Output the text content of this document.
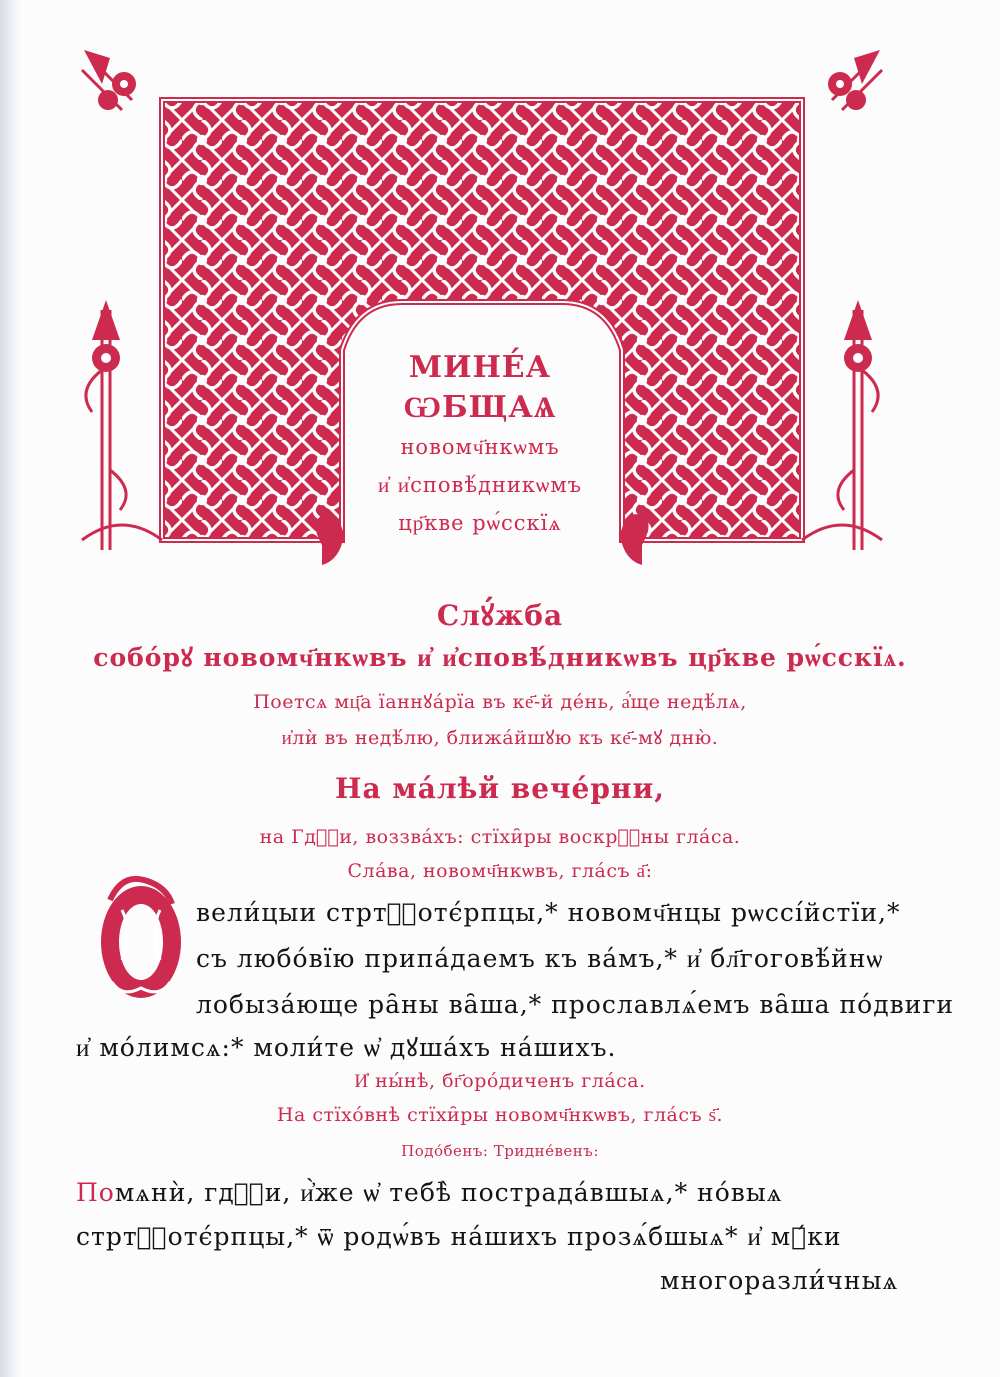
МИНЕ́А ѠБЩАѦ
новомч҃нкѡмъ
и҆ и҆сповѣ́дникѡмъ
цр҃кве рѡ́сскїѧ
Слꙋ́жба
собо́рꙋ новомч҃нкѡвъ и҆ и҆сповѣ́дникѡвъ цр҃кве рѡ́сскїѧ.
Поетсѧ мц҃а їаннꙋа́рїа въ ке҃-й де́нь, а҆́ще недѣ́лѧ,
и҆лѝ въ недѣ́лю, ближа́йшꙋю къ ке҃-мꙋ дню̀.
На ма́лѣй вече́рни,
на Гдⷭ҇и, воззва́хъ: стїхи̑ры воскрⷭ҇ны гла́са.
Сла́ва, новомч҃нкѡвъ, гла́съ а҃:
вели́цыи стртⷭ҇отє́рпцы,* новомч҃нцы рѡссі́йстїи,*
съ любо́вїю припа́даемъ къ ва́мъ,* и҆ бл҃гоговѣ́йнѡ
лобыза́юще ра̑ны ва̑ша,* прославлѧ́емъ ва̑ша по́двиги
и҆ мо́лимсѧ:* моли́те ѡ҆ дꙋша́хъ на́шихъ.
И҆ ны́нѣ, бг҃оро́диченъ гла́са.
На стїхо́внѣ стїхи̑ры новомч҃нкѡвъ, гла́съ ѕ҃.
Подо́бенъ: Тридне́венъ:
Помѧнѝ, гдⷭ҇и, и҆̀же ѡ҆ тебѣ̀ пострада́вшыѧ,* но́выѧ
стртⷭ҇отє́рпцы,* ѿ родѡ́въ на́шихъ прозѧ́бшыѧ* и҆ мꙋ́ки
многоразли́чныѧ
